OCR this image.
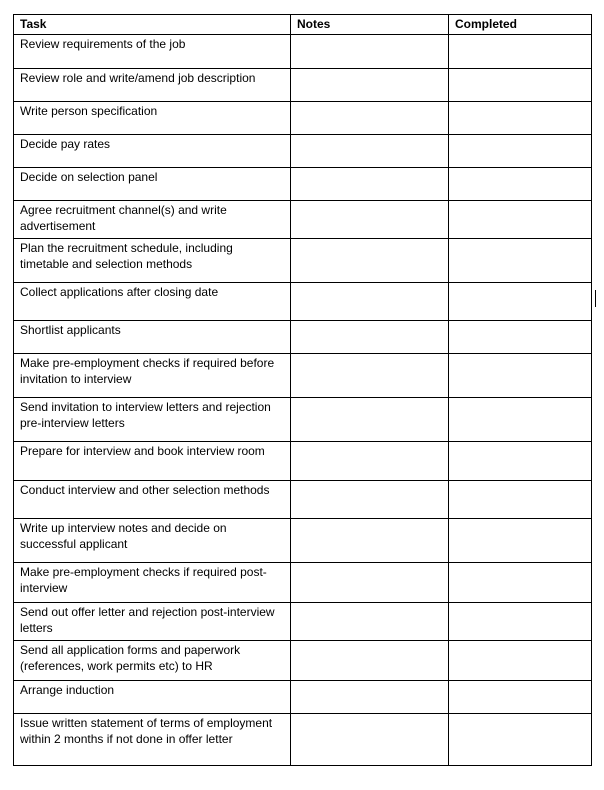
Task	Notes	Completed
Review requirements of the job		
Review role and write/amend job description		
Write person specification		
Decide pay rates		
Decide on selection panel		
Agree recruitment channel(s) and write advertisement		
Plan the recruitment schedule, including timetable and selection methods		
Collect applications after closing date		
Shortlist applicants		
Make pre-employment checks if required before invitation to interview		
Send invitation to interview letters and rejection pre-interview letters		
Prepare for interview and book interview room		
Conduct interview and other selection methods		
Write up interview notes and decide on successful applicant		
Make pre-employment checks if required post-interview		
Send out offer letter and rejection post-interview letters		
Send all application forms and paperwork (references, work permits etc) to HR		
Arrange induction		
Issue written statement of terms of employment within 2 months if not done in offer letter		
